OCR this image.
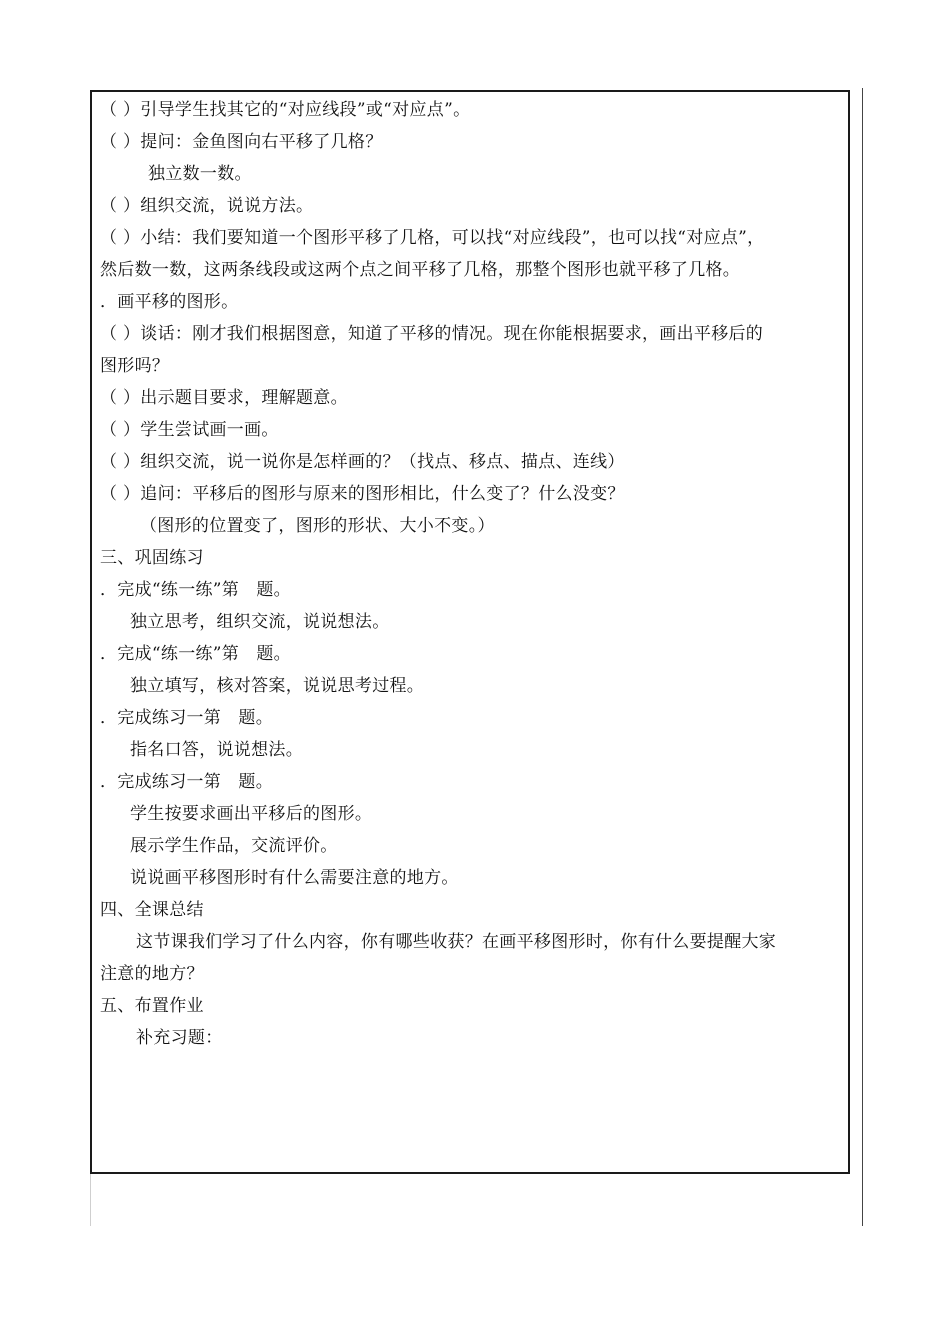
（ ）引导学生找其它的“对应线段”或“对应点”。
（ ）提问：金鱼图向右平移了几格？
独立数一数。
（ ）组织交流，说说方法。
（ ）小结：我们要知道一个图形平移了几格，可以找“对应线段”，也可以找“对应点”，
然后数一数，这两条线段或这两个点之间平移了几格，那整个图形也就平移了几格。
．画平移的图形。
（ ）谈话：刚才我们根据图意，知道了平移的情况。现在你能根据要求，画出平移后的
图形吗？
（ ）出示题目要求，理解题意。
（ ）学生尝试画一画。
（ ）组织交流，说一说你是怎样画的？（找点、移点、描点、连线）
（ ）追问：平移后的图形与原来的图形相比，什么变了？什么没变？
（图形的位置变了，图形的形状、大小不变。）
三、巩固练习
．完成“练一练”第　题。
独立思考，组织交流，说说想法。
．完成“练一练”第　题。
独立填写，核对答案，说说思考过程。
．完成练习一第　题。
指名口答，说说想法。
．完成练习一第　题。
学生按要求画出平移后的图形。
展示学生作品，交流评价。
说说画平移图形时有什么需要注意的地方。
四、全课总结
这节课我们学习了什么内容，你有哪些收获？在画平移图形时，你有什么要提醒大家
注意的地方？
五、布置作业
补充习题：
